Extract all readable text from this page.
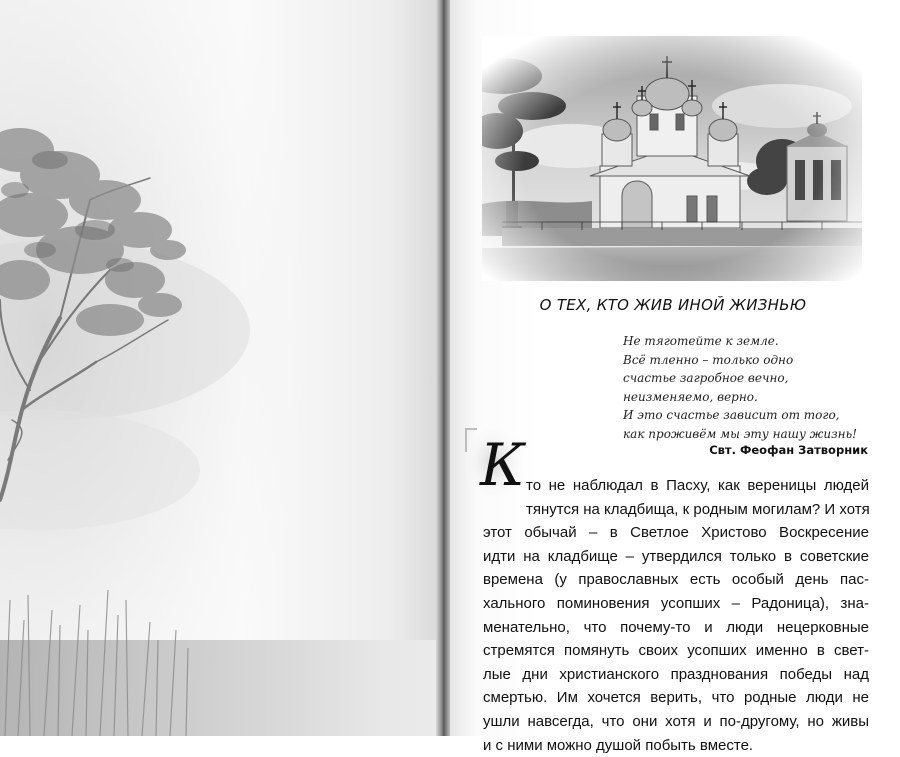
О ТЕХ, КТО ЖИВ ИНОЙ ЖИЗНЬЮ
Не тяготейте к земле.
Всё тленно – только одно
счастье загробное вечно,
неизменяемо, верно.
И это счастье зависит от того,
как проживём мы эту нашу жизнь!
Свт. Феофан Затворник
К то не наблюдал в Пасху, как вереницы людей
тянутся на кладбища, к родным могилам? И хотя
этот обычай – в Светлое Христово Воскресение
идти на кладбище – утвердился только в советские
времена (у православных есть особый день пас-
хального поминовения усопших – Радоница), зна-
менательно, что почему-то и люди нецерковные
стремятся помянуть своих усопших именно в свет-
лые дни христианского празднования победы над
смертью. Им хочется верить, что родные люди не
ушли навсегда, что они хотя и по-другому, но живы
и с ними можно душой побыть вместе.
